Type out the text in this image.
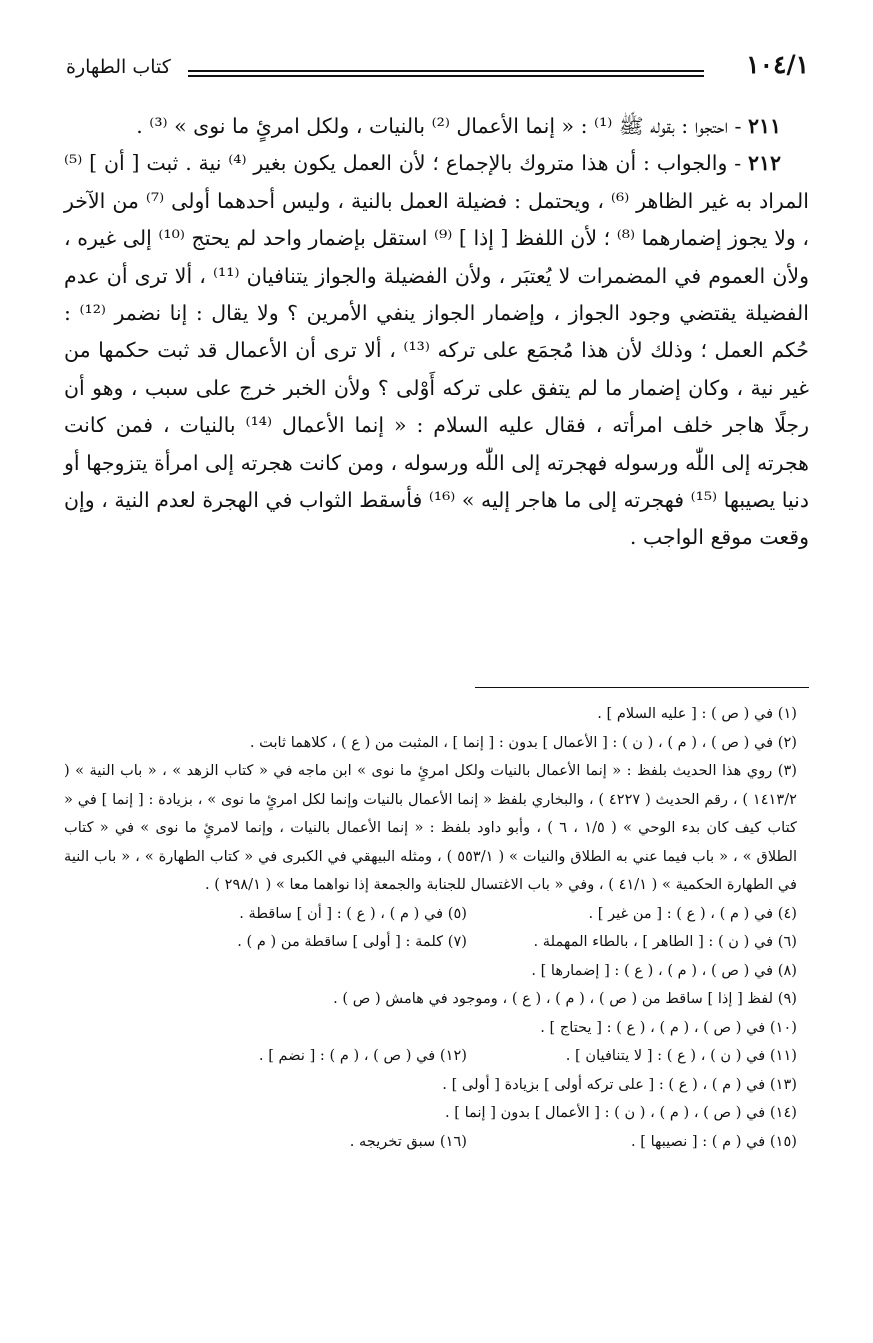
١٠٤/١
كتاب الطهارة

٢١١ - احتجوا : بقوله ﷺ ⁽¹⁾ : « إنما الأعمال ⁽²⁾ بالنيات ، ولكل امرئٍ ما نوى » ⁽³⁾ .

٢١٢ - والجواب : أن هذا متروك بالإجماع ؛ لأن العمل يكون بغير ⁽⁴⁾ نية . ثبت [ أن ] ⁽⁵⁾ المراد به غير الظاهر ⁽⁶⁾ ، ويحتمل : فضيلة العمل بالنية ، وليس أحدهما أولى ⁽⁷⁾ من الآخر ، ولا يجوز إضمارهما ⁽⁸⁾ ؛ لأن اللفظ [ إذا ] ⁽⁹⁾ استقل بإضمار واحد لم يحتج ⁽¹⁰⁾ إلى غيره ، ولأن العموم في المضمرات لا يُعتبَر ، ولأن الفضيلة والجواز يتنافيان ⁽¹¹⁾ ، ألا ترى أن عدم الفضيلة يقتضي وجود الجواز ، وإضمار الجواز ينفي الأمرين ؟ ولا يقال : إنا نضمر ⁽¹²⁾ : حُكم العمل ؛ وذلك لأن هذا مُجمَع على تركه ⁽¹³⁾ ، ألا ترى أن الأعمال قد ثبت حكمها من غير نية ، وكان إضمار ما لم يتفق على تركه أَوْلى ؟ ولأن الخبر خرج على سبب ، وهو أن رجلًا هاجر خلف امرأته ، فقال عليه السلام : « إنما الأعمال ⁽¹⁴⁾ بالنيات ، فمن كانت هجرته إلى اللّٰه ورسوله فهجرته إلى اللّٰه ورسوله ، ومن كانت هجرته إلى امرأة يتزوجها أو دنيا يصيبها ⁽¹⁵⁾ فهجرته إلى ما هاجر إليه » ⁽¹⁶⁾ فأسقط الثواب في الهجرة لعدم النية ، وإن وقعت موقع الواجب .

(١) في ( ص ) : [ عليه السلام ] .

(٢) في ( ص ) ، ( م ) ، ( ن ) : [ الأعمال ] بدون : [ إنما ] ، المثبت من ( ع ) ، كلاهما ثابت .

(٣) روي هذا الحديث بلفظ : « إنما الأعمال بالنيات ولكل امرئٍ ما نوى » ابن ماجه في « كتاب الزهد » ، « باب النية » ( ١٤١٣/٢ ) ، رقم الحديث ( ٤٢٢٧ ) ، والبخاري بلفظ « إنما الأعمال بالنيات وإنما لكل امرئٍ ما نوى » ، بزيادة : [ إنما ] في « كتاب كيف كان بدء الوحي » ( ١/٥ ، ٦ ) ، وأبو داود بلفظ : « إنما الأعمال بالنيات ، وإنما لامرئٍ ما نوى » في « كتاب الطلاق » ، « باب فيما عني به الطلاق والنيات » ( ٥٥٣/١ ) ، ومثله البيهقي في الكبرى في « كتاب الطهارة » ، « باب النية في الطهارة الحكمية » ( ٤١/١ ) ، وفي « باب الاغتسال للجنابة والجمعة إذا نواهما معا » ( ٢٩٨/١ ) .

(٤) في ( م ) ، ( ع ) : [ من غير ] .
(٥) في ( م ) ، ( ع ) : [ أن ] ساقطة .
(٦) في ( ن ) : [ الطاهر ] ، بالطاء المهملة .
(٧) كلمة : [ أولى ] ساقطة من ( م ) .

(٨) في ( ص ) ، ( م ) ، ( ع ) : [ إضمارها ] .

(٩) لفظ [ إذا ] ساقط من ( ص ) ، ( م ) ، ( ع ) ، وموجود في هامش ( ص ) .

(١٠) في ( ص ) ، ( م ) ، ( ع ) : [ يحتاج ] .

(١١) في ( ن ) ، ( ع ) : [ لا يتنافيان ] .
(١٢) في ( ص ) ، ( م ) : [ نضم ] .

(١٣) في ( م ) ، ( ع ) : [ على تركه أولى ] بزيادة [ أولى ] .

(١٤) في ( ص ) ، ( م ) ، ( ن ) : [ الأعمال ] بدون [ إنما ] .

(١٥) في ( م ) : [ نصيبها ] .
(١٦) سبق تخريجه .
